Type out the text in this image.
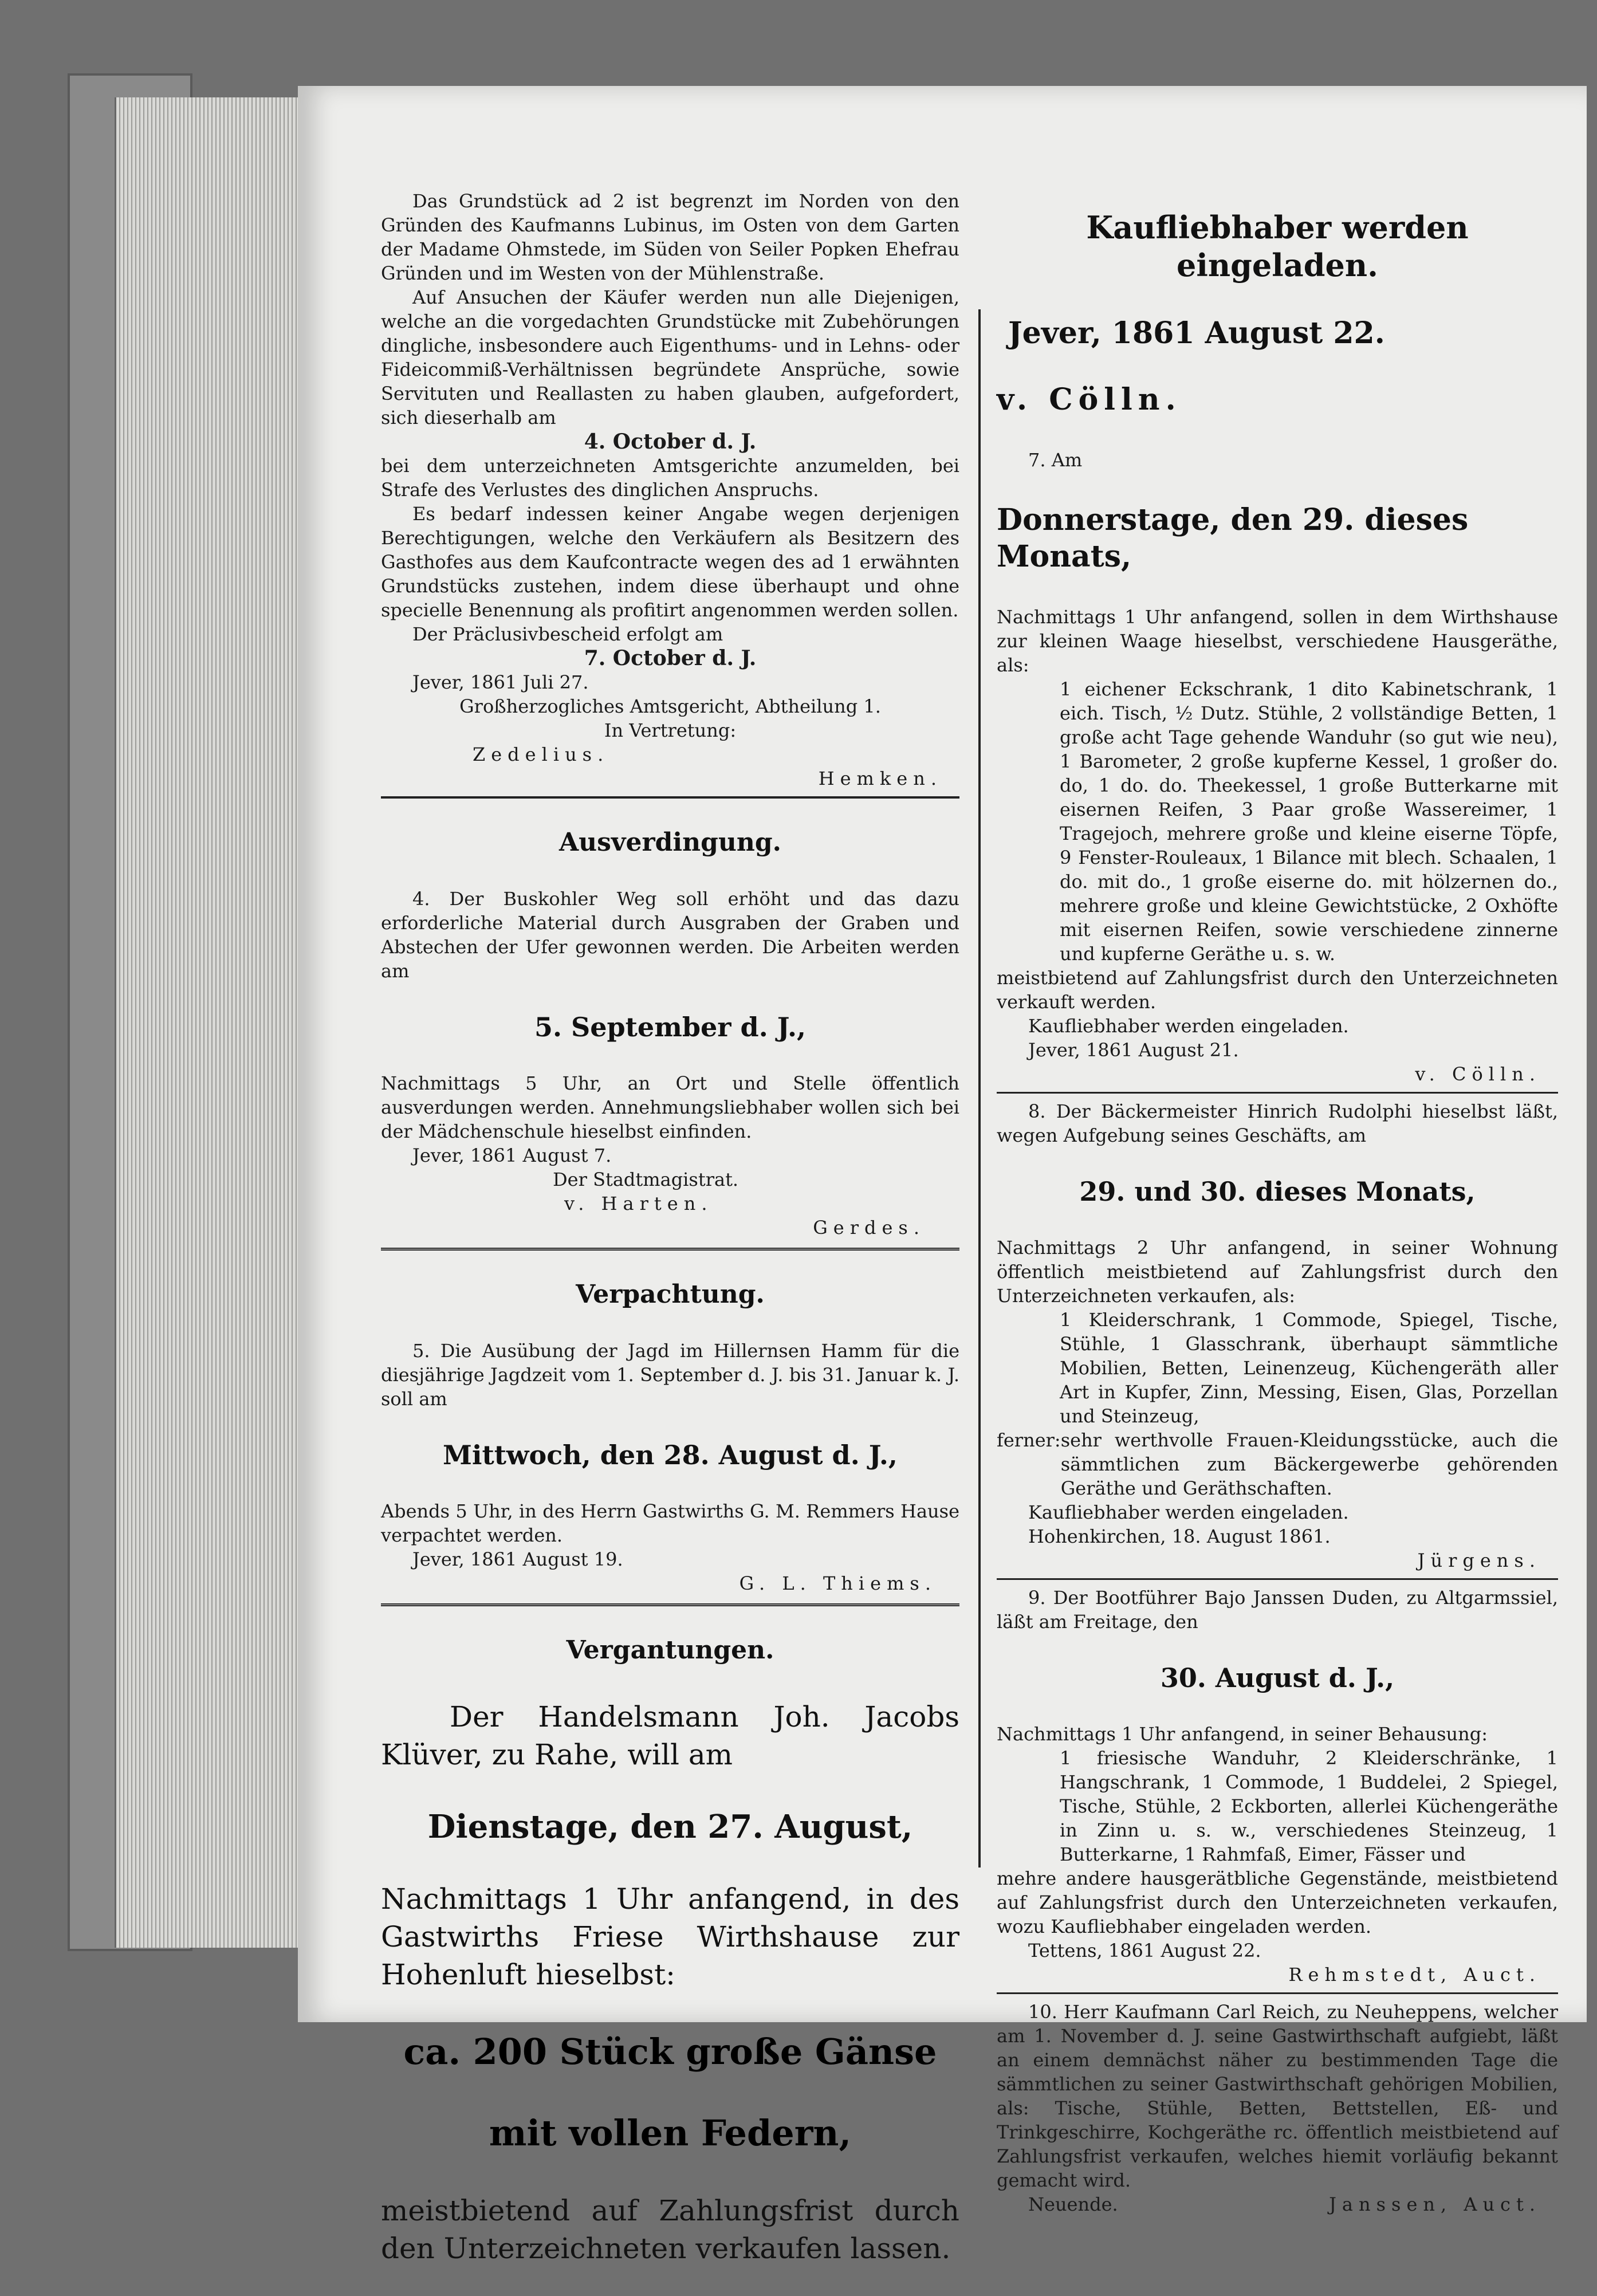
Das Grundstück ad 2 ist begrenzt im Norden von den Gründen des Kaufmanns Lubinus, im Osten von dem Garten der Madame Ohmstede, im Süden von Seiler Popken Ehefrau Gründen und im Westen von der Mühlenstraße.

Auf Ansuchen der Käufer werden nun alle Diejenigen, welche an die vorgedachten Grundstücke mit Zubehörungen dingliche, insbesondere auch Eigenthums- und in Lehns- oder Fideicommiß-Verhältnissen begründete Ansprüche, sowie Servituten und Reallasten zu haben glauben, aufgefordert, sich dieserhalb am

4. October d. J.

bei dem unterzeichneten Amtsgerichte anzumelden, bei Strafe des Verlustes des dinglichen Anspruchs.

Es bedarf indessen keiner Angabe wegen derjenigen Berechtigungen, welche den Verkäufern als Besitzern des Gasthofes aus dem Kaufcontracte wegen des ad 1 erwähnten Grundstücks zustehen, indem diese überhaupt und ohne specielle Benennung als profitirt angenommen werden sollen.

Der Präclusivbescheid erfolgt am

7. October d. J.

Jever, 1861 Juli 27.

Großherzogliches Amtsgericht, Abtheilung 1.

In Vertretung:

Zedelius.

Hemken.

Ausverdingung.

4. Der Buskohler Weg soll erhöht und das dazu erforderliche Material durch Ausgraben der Graben und Abstechen der Ufer gewonnen werden. Die Arbeiten werden am

5. September d. J.,

Nachmittags 5 Uhr, an Ort und Stelle öffentlich ausverdungen werden. Annehmungsliebhaber wollen sich bei der Mädchenschule hieselbst einfinden.

Jever, 1861 August 7.

Der Stadtmagistrat.

v. Harten.

Gerdes.

Verpachtung.

5. Die Ausübung der Jagd im Hillernsen Hamm für die diesjährige Jagdzeit vom 1. September d. J. bis 31. Januar k. J. soll am

Mittwoch, den 28. August d. J.,

Abends 5 Uhr, in des Herrn Gastwirths G. M. Remmers Hause verpachtet werden.

Jever, 1861 August 19.

G. L. Thiems.

Vergantungen.

Der Handelsmann Joh. Jacobs Klüver, zu Rahe, will am

Dienstage, den 27. August,

Nachmittags 1 Uhr anfangend, in des Gastwirths Friese Wirthshause zur Hohenluft hieselbst:

ca. 200 Stück große Gänse

mit vollen Federn,

meistbietend auf Zahlungsfrist durch den Unterzeichneten verkaufen lassen.

Kaufliebhaber werden eingeladen.

Jever, 1861 August 22.

v. Cölln.

7. Am

Donnerstage, den 29. dieses Monats,

Nachmittags 1 Uhr anfangend, sollen in dem Wirthshause zur kleinen Waage hieselbst, verschiedene Hausgeräthe, als:

1 eichener Eckschrank, 1 dito Kabinetschrank, 1 eich. Tisch, ½ Dutz. Stühle, 2 vollständige Betten, 1 große acht Tage gehende Wanduhr (so gut wie neu), 1 Barometer, 2 große kupferne Kessel, 1 großer do. do, 1 do. do. Theekessel, 1 große Butterkarne mit eisernen Reifen, 3 Paar große Wassereimer, 1 Tragejoch, mehrere große und kleine eiserne Töpfe, 9 Fenster-Rouleaux, 1 Bilance mit blech. Schaalen, 1 do. mit do., 1 große eiserne do. mit hölzernen do., mehrere große und kleine Gewichtstücke, 2 Oxhöfte mit eisernen Reifen, sowie verschiedene zinnerne und kupferne Geräthe u. s. w.

meistbietend auf Zahlungsfrist durch den Unterzeichneten verkauft werden.

Kaufliebhaber werden eingeladen.

Jever, 1861 August 21.

v. Cölln.

8. Der Bäckermeister Hinrich Rudolphi hieselbst läßt, wegen Aufgebung seines Geschäfts, am

29. und 30. dieses Monats,

Nachmittags 2 Uhr anfangend, in seiner Wohnung öffentlich meistbietend auf Zahlungsfrist durch den Unterzeichneten verkaufen, als:

1 Kleiderschrank, 1 Commode, Spiegel, Tische, Stühle, 1 Glasschrank, überhaupt sämmtliche Mobilien, Betten, Leinenzeug, Küchengeräth aller Art in Kupfer, Zinn, Messing, Eisen, Glas, Porzellan und Steinzeug,

ferner: sehr werthvolle Frauen-Kleidungsstücke, auch die sämmtlichen zum Bäckergewerbe gehörenden Geräthe und Geräthschaften.

Kaufliebhaber werden eingeladen.

Hohenkirchen, 18. August 1861.

Jürgens.

9. Der Bootführer Bajo Janssen Duden, zu Altgarmssiel, läßt am Freitage, den

30. August d. J.,

Nachmittags 1 Uhr anfangend, in seiner Behausung:

1 friesische Wanduhr, 2 Kleiderschränke, 1 Hangschrank, 1 Commode, 1 Buddelei, 2 Spiegel, Tische, Stühle, 2 Eckborten, allerlei Küchengeräthe in Zinn u. s. w., verschiedenes Steinzeug, 1 Butterkarne, 1 Rahmfaß, Eimer, Fässer und

mehre andere hausgerätbliche Gegenstände, meistbietend auf Zahlungsfrist durch den Unterzeichneten verkaufen, wozu Kaufliebhaber eingeladen werden.

Tettens, 1861 August 22.

Rehmstedt, Auct.

10. Herr Kaufmann Carl Reich, zu Neuheppens, welcher am 1. November d. J. seine Gastwirthschaft aufgiebt, läßt an einem demnächst näher zu bestimmenden Tage die sämmtlichen zu seiner Gastwirthschaft gehörigen Mobilien, als: Tische, Stühle, Betten, Bettstellen, Eß- und Trinkgeschirre, Kochgeräthe rc. öffentlich meistbietend auf Zahlungsfrist verkaufen, welches hiemit vorläufig bekannt gemacht wird.

Neuende.	Janssen, Auct.
